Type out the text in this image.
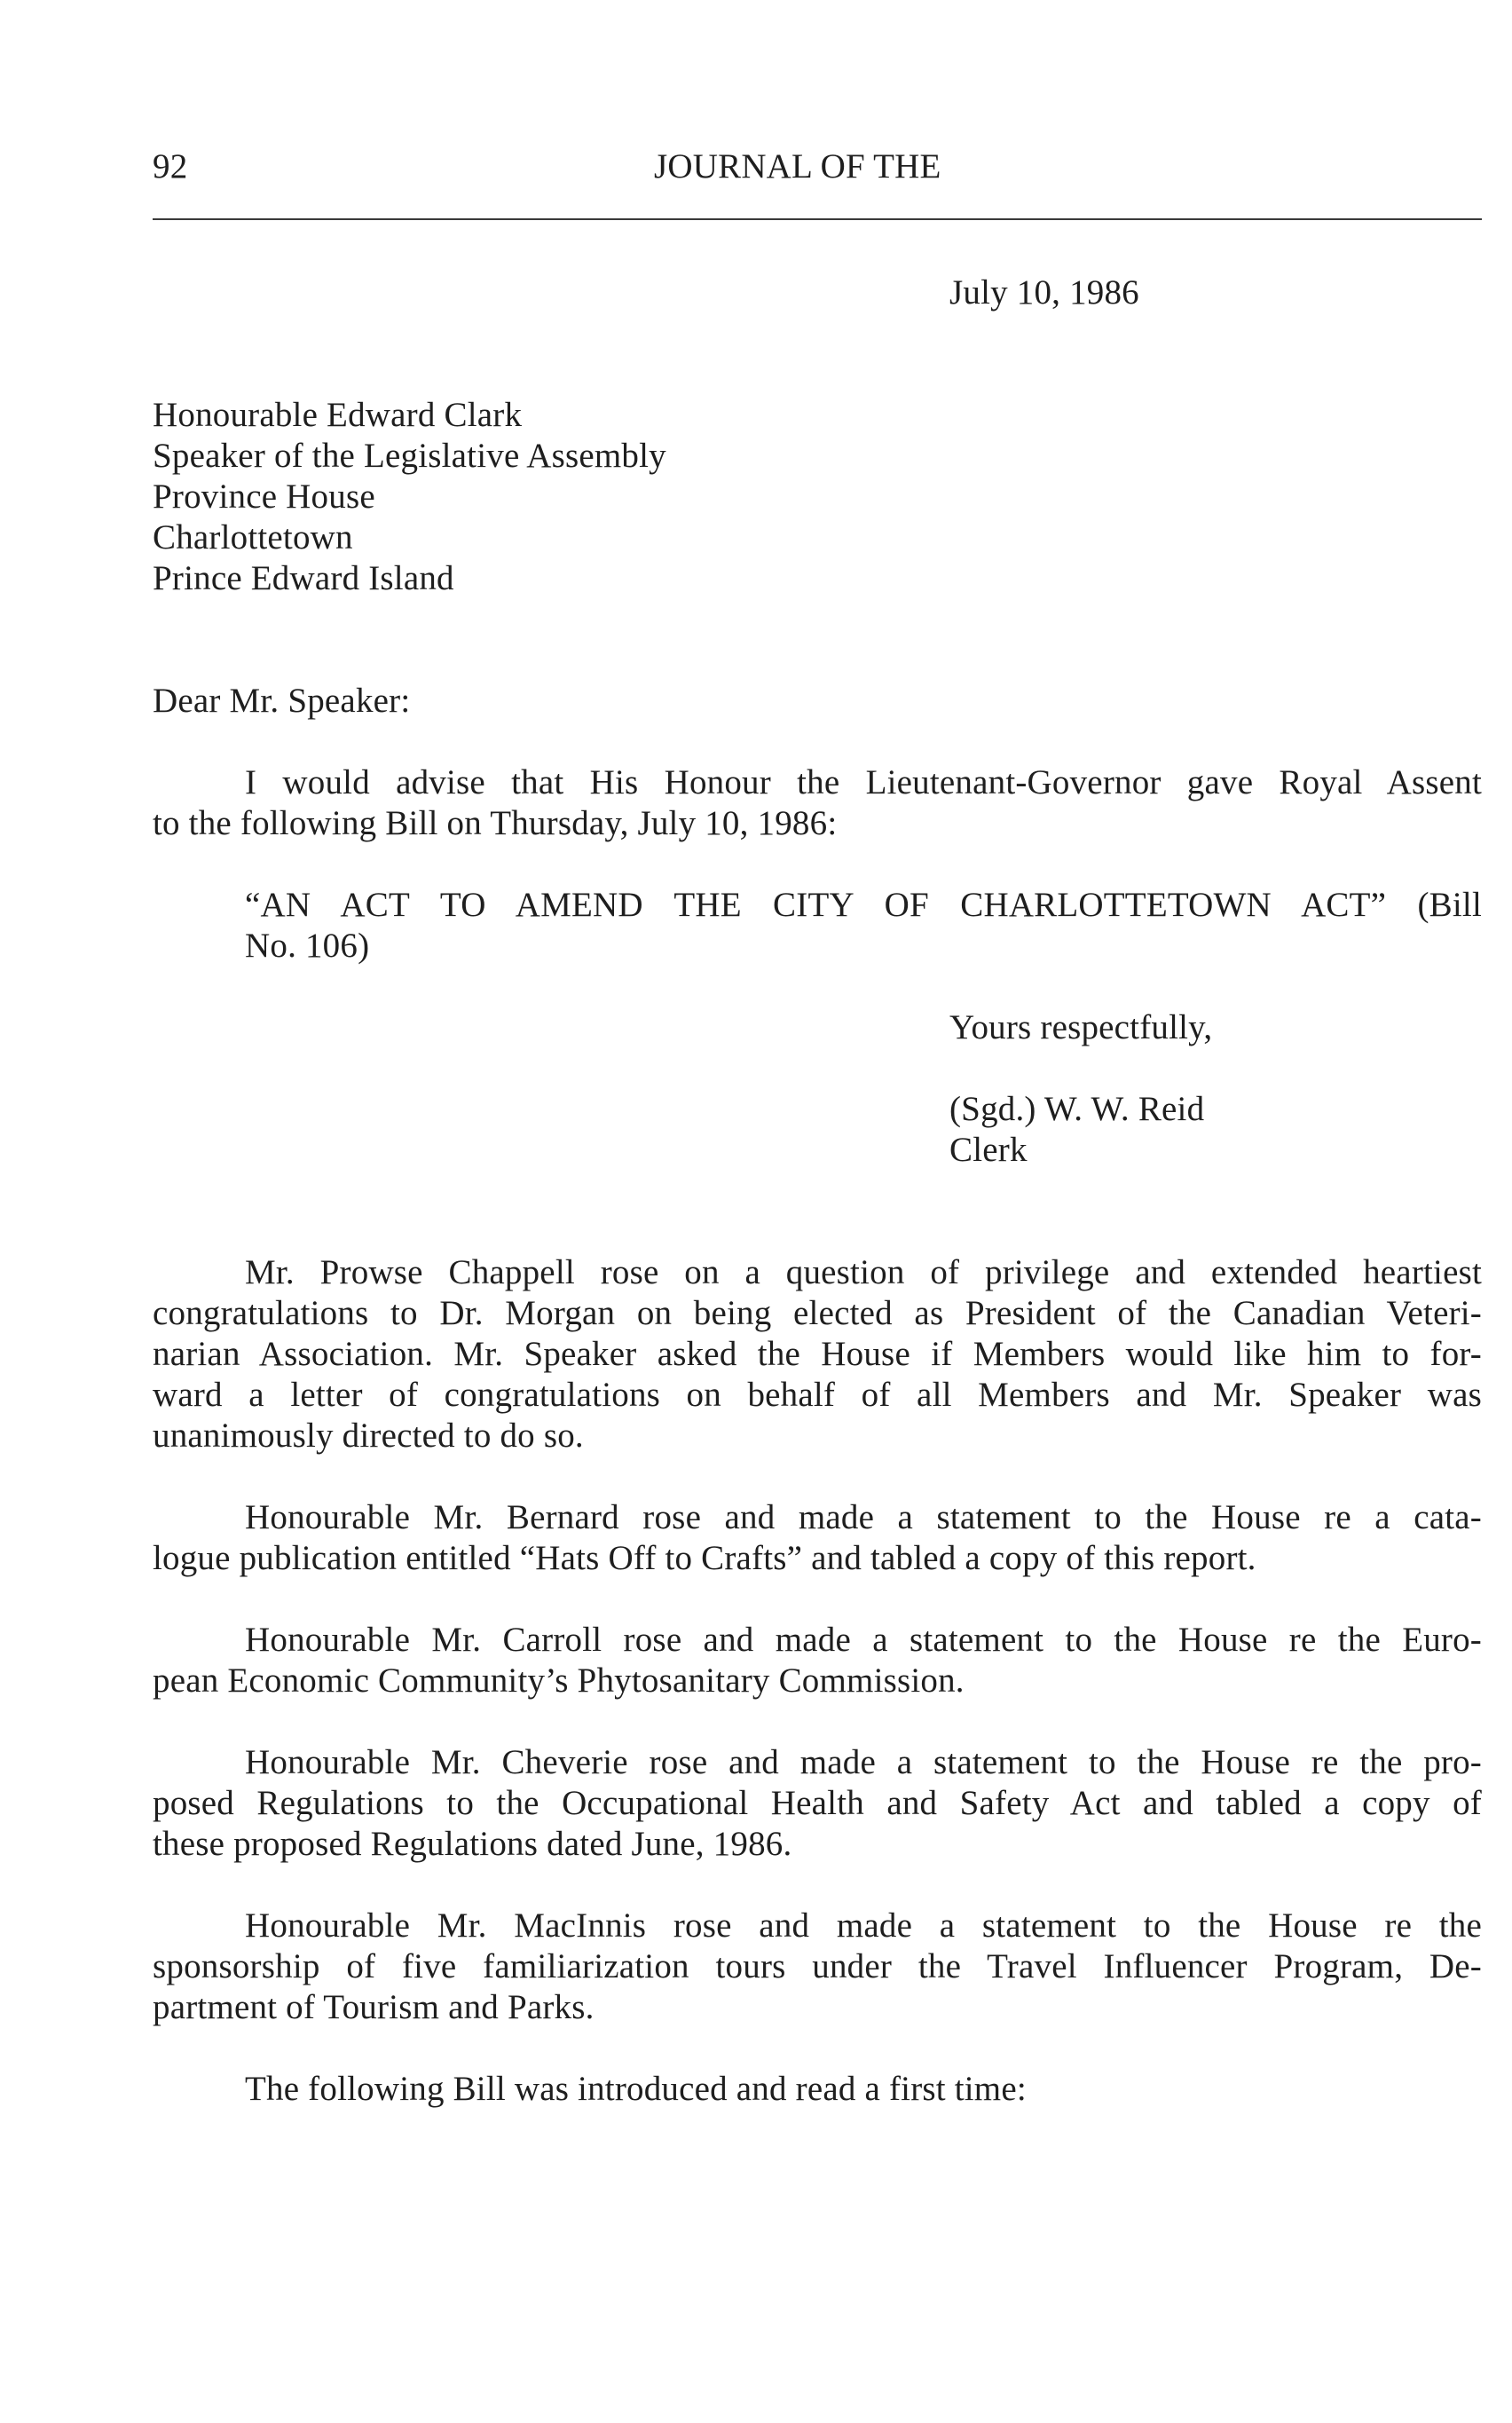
92	JOURNAL OF THE
July 10, 1986
Honourable Edward Clark
Speaker of the Legislative Assembly
Province House
Charlottetown
Prince Edward Island
Dear Mr. Speaker:
I would advise that His Honour the Lieutenant-Governor gave Royal Assent
to the following Bill on Thursday, July 10, 1986:
“AN ACT TO AMEND THE CITY OF CHARLOTTETOWN ACT” (Bill
No. 106)
Yours respectfully,
(Sgd.) W. W. Reid
Clerk
Mr. Prowse Chappell rose on a question of privilege and extended heartiest
congratulations to Dr. Morgan on being elected as President of the Canadian Veteri-
narian Association. Mr. Speaker asked the House if Members would like him to for-
ward a letter of congratulations on behalf of all Members and Mr. Speaker was
unanimously directed to do so.
Honourable Mr. Bernard rose and made a statement to the House re a cata-
logue publication entitled “Hats Off to Crafts” and tabled a copy of this report.
Honourable Mr. Carroll rose and made a statement to the House re the Euro-
pean Economic Community’s Phytosanitary Commission.
Honourable Mr. Cheverie rose and made a statement to the House re the pro-
posed Regulations to the Occupational Health and Safety Act and tabled a copy of
these proposed Regulations dated June, 1986.
Honourable Mr. MacInnis rose and made a statement to the House re the
sponsorship of five familiarization tours under the Travel Influencer Program, De-
partment of Tourism and Parks.
The following Bill was introduced and read a first time:
